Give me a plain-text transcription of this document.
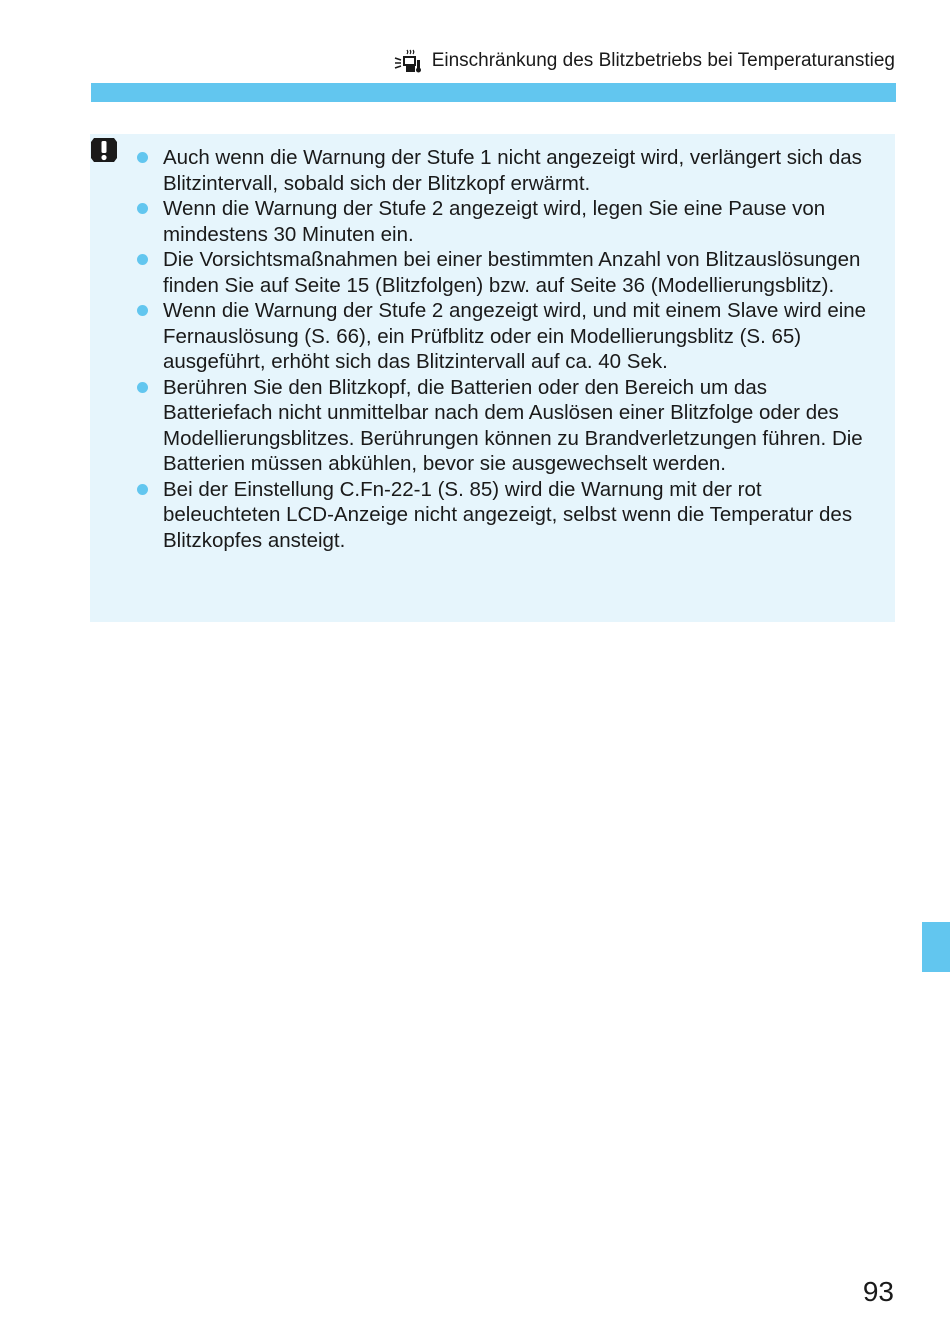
Einschränkung des Blitzbetriebs bei Temperaturanstieg
Auch wenn die Warnung der Stufe 1 nicht angezeigt wird, verlängert sich das Blitzintervall, sobald sich der Blitzkopf erwärmt.
Wenn die Warnung der Stufe 2 angezeigt wird, legen Sie eine Pause von mindestens 30 Minuten ein.
Die Vorsichtsmaßnahmen bei einer bestimmten Anzahl von Blitzauslösungen finden Sie auf Seite 15 (Blitzfolgen) bzw. auf Seite 36 (Modellierungsblitz).
Wenn die Warnung der Stufe 2 angezeigt wird, und mit einem Slave wird eine Fernauslösung (S. 66), ein Prüfblitz oder ein Modellierungsblitz (S. 65) ausgeführt, erhöht sich das Blitzintervall auf ca. 40 Sek.
Berühren Sie den Blitzkopf, die Batterien oder den Bereich um das Batteriefach nicht unmittelbar nach dem Auslösen einer Blitzfolge oder des Modellierungsblitzes. Berührungen können zu Brandverletzungen führen. Die Batterien müssen abkühlen, bevor sie ausgewechselt werden.
Bei der Einstellung C.Fn-22-1 (S. 85) wird die Warnung mit der rot beleuchteten LCD-Anzeige nicht angezeigt, selbst wenn die Temperatur des Blitzkopfes ansteigt.
93
